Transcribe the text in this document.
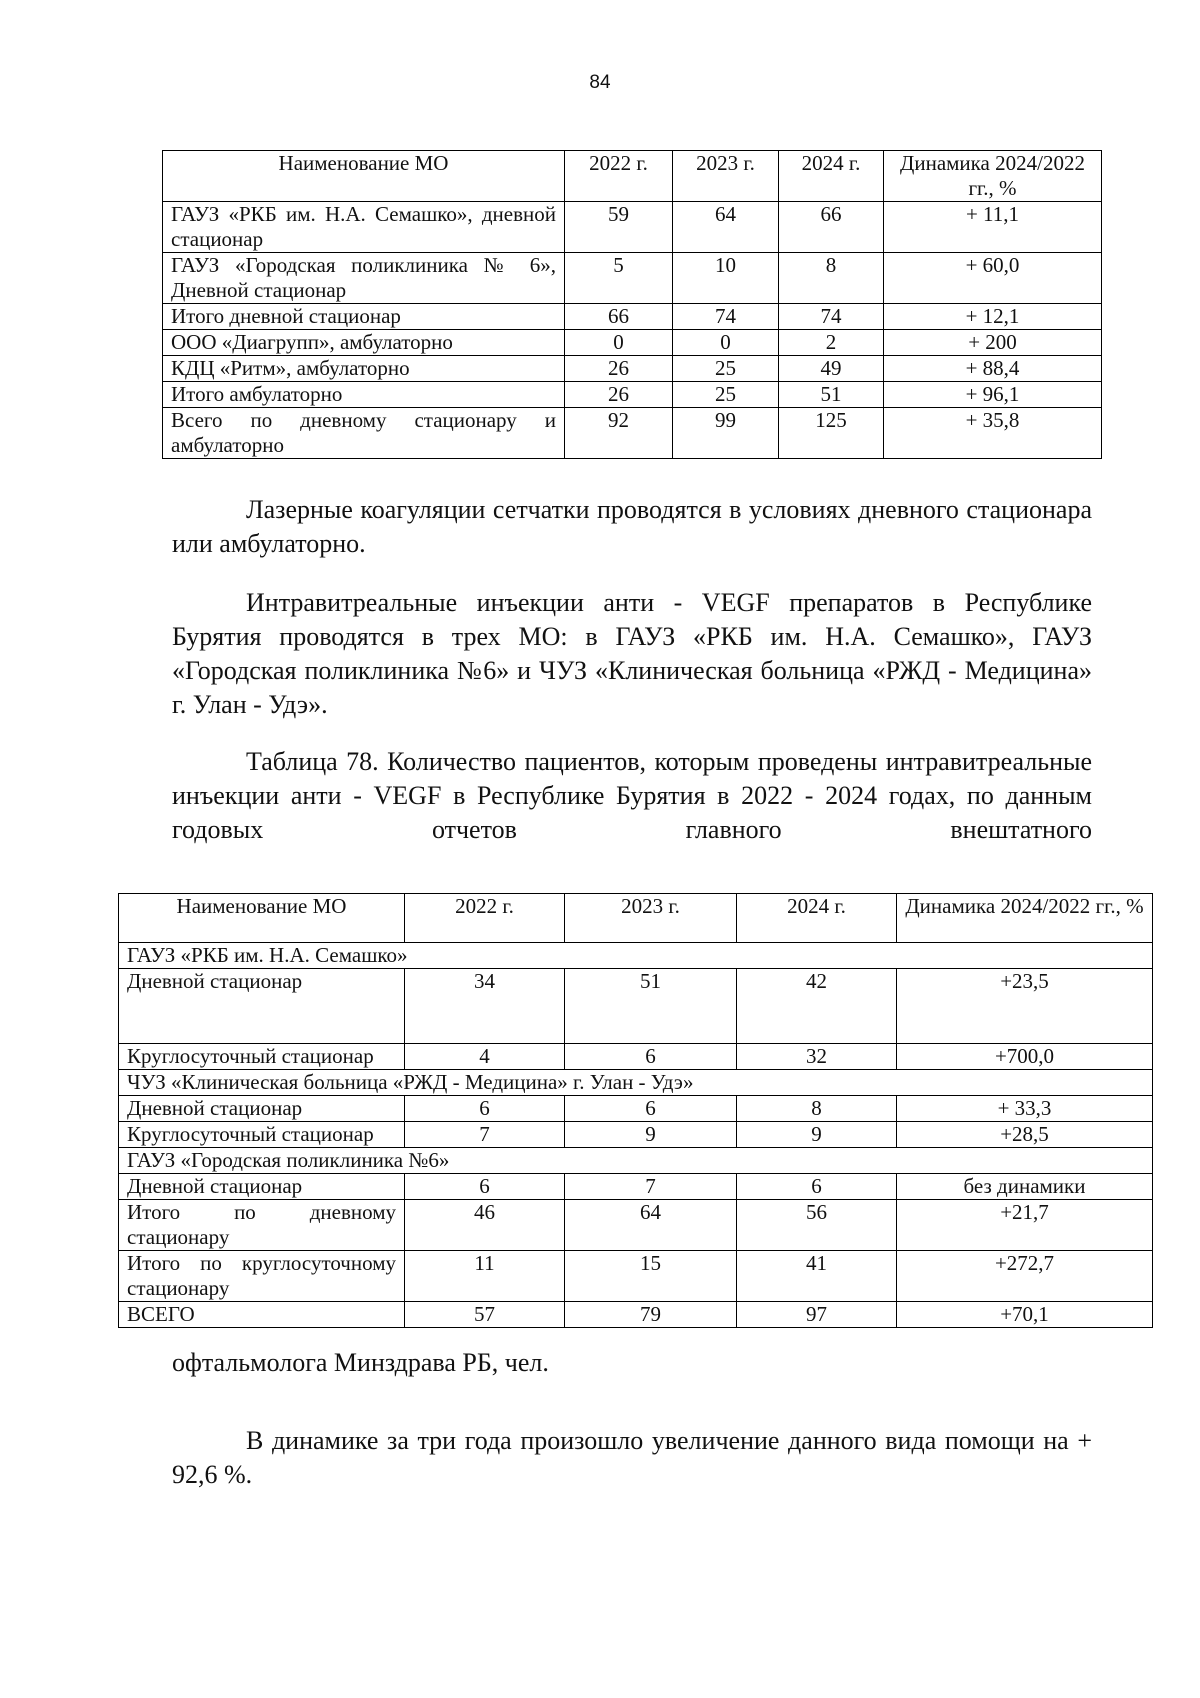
84
Наименование МО	2022 г.	2023 г.	2024 г.	Динамика 2024/2022 гг., %
ГАУЗ «РКБ им. Н.А. Семашко», дневной стационар	59	64	66	+ 11,1
ГАУЗ «Городская поликлиника № 6», Дневной стационар	5	10	8	+ 60,0
Итого дневной стационар	66	74	74	+ 12,1
ООО «Диагрупп», амбулаторно	0	0	2	+ 200
КДЦ «Ритм», амбулаторно	26	25	49	+ 88,4
Итого амбулаторно	26	25	51	+ 96,1
Всего по дневному стационару и амбулаторно	92	99	125	+ 35,8
Лазерные коагуляции сетчатки проводятся в условиях дневного стационара или амбулаторно.
Интравитреальные инъекции анти - VEGF препаратов в Республике Бурятия проводятся в трех МО: в ГАУЗ «РКБ им. Н.А. Семашко», ГАУЗ «Городская поликлиника №6» и ЧУЗ «Клиническая больница «РЖД - Медицина» г. Улан - Удэ».
Таблица 78. Количество пациентов, которым проведены интравитреальные инъекции анти - VEGF в Республике Бурятия в 2022 - 2024 годах, по данным годовых отчетов главного внештатного
Наименование МО	2022 г.	2023 г.	2024 г.	Динамика 2024/2022 гг., %
ГАУЗ «РКБ им. Н.А. Семашко»				
Дневной стационар	34	51	42	+23,5
Круглосуточный стационар	4	6	32	+700,0
ЧУЗ «Клиническая больница «РЖД - Медицина» г. Улан - Удэ»				
Дневной стационар	6	6	8	+ 33,3
Круглосуточный стационар	7	9	9	+28,5
ГАУЗ «Городская поликлиника №6»				
Дневной стационар	6	7	6	без динамики
Итого по дневному стационару	46	64	56	+21,7
Итого по круглосуточному стационару	11	15	41	+272,7
ВСЕГО	57	79	97	+70,1
офтальмолога Минздрава РБ, чел.
В динамике за три года произошло увеличение данного вида помощи на + 92,6 %.
